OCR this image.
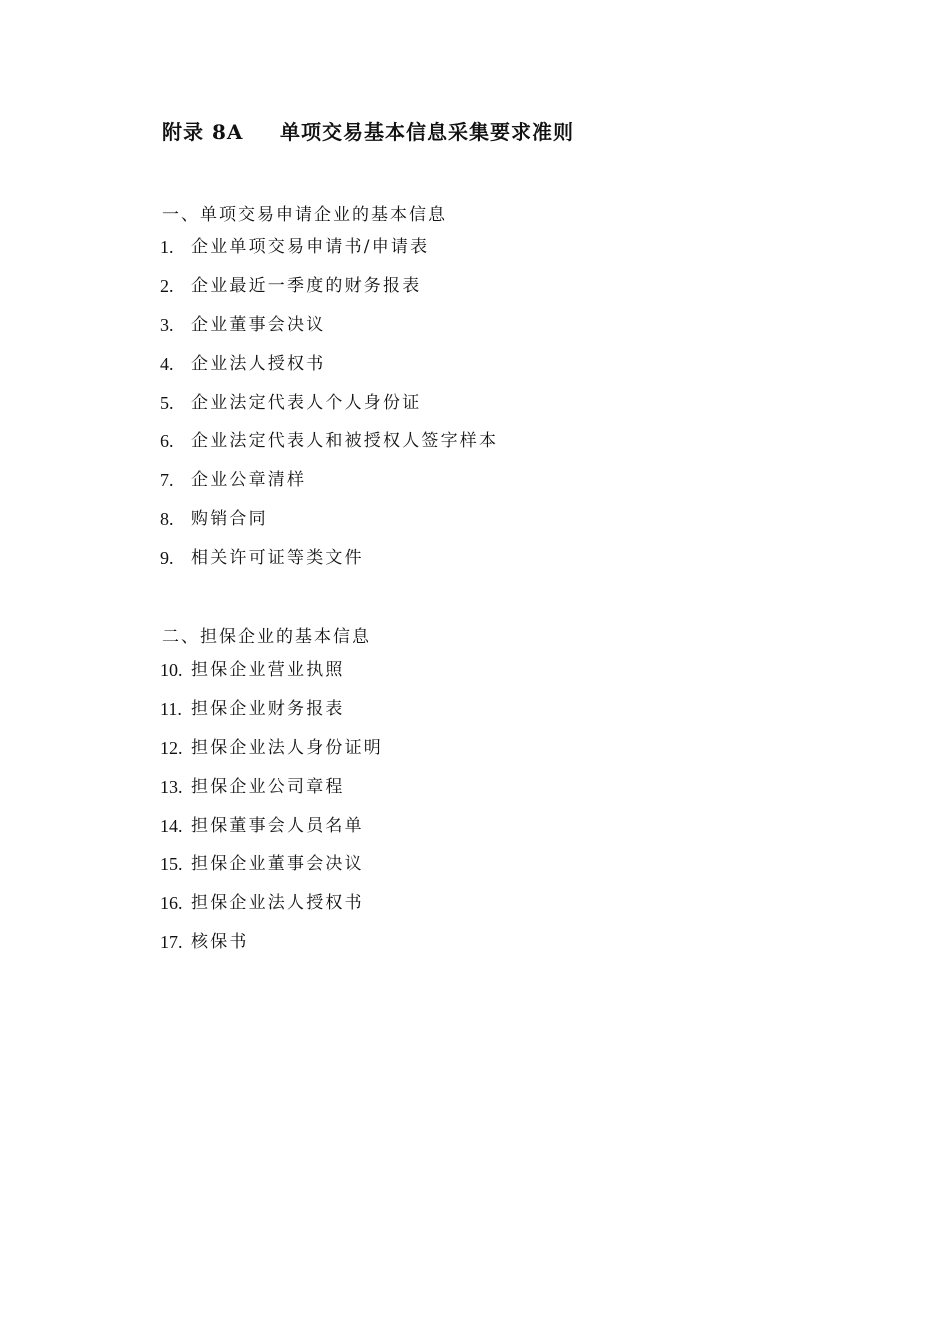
附录 8A 单项交易基本信息采集要求准则
一、单项交易申请企业的基本信息
1.	企业单项交易申请书/申请表
2.	企业最近一季度的财务报表
3.	企业董事会决议
4.	企业法人授权书
5.	企业法定代表人个人身份证
6.	企业法定代表人和被授权人签字样本
7.	企业公章清样
8.	购销合同
9.	相关许可证等类文件
二、担保企业的基本信息
10. 担保企业营业执照
11. 担保企业财务报表
12. 担保企业法人身份证明
13. 担保企业公司章程
14. 担保董事会人员名单
15. 担保企业董事会决议
16. 担保企业法人授权书
17. 核保书
